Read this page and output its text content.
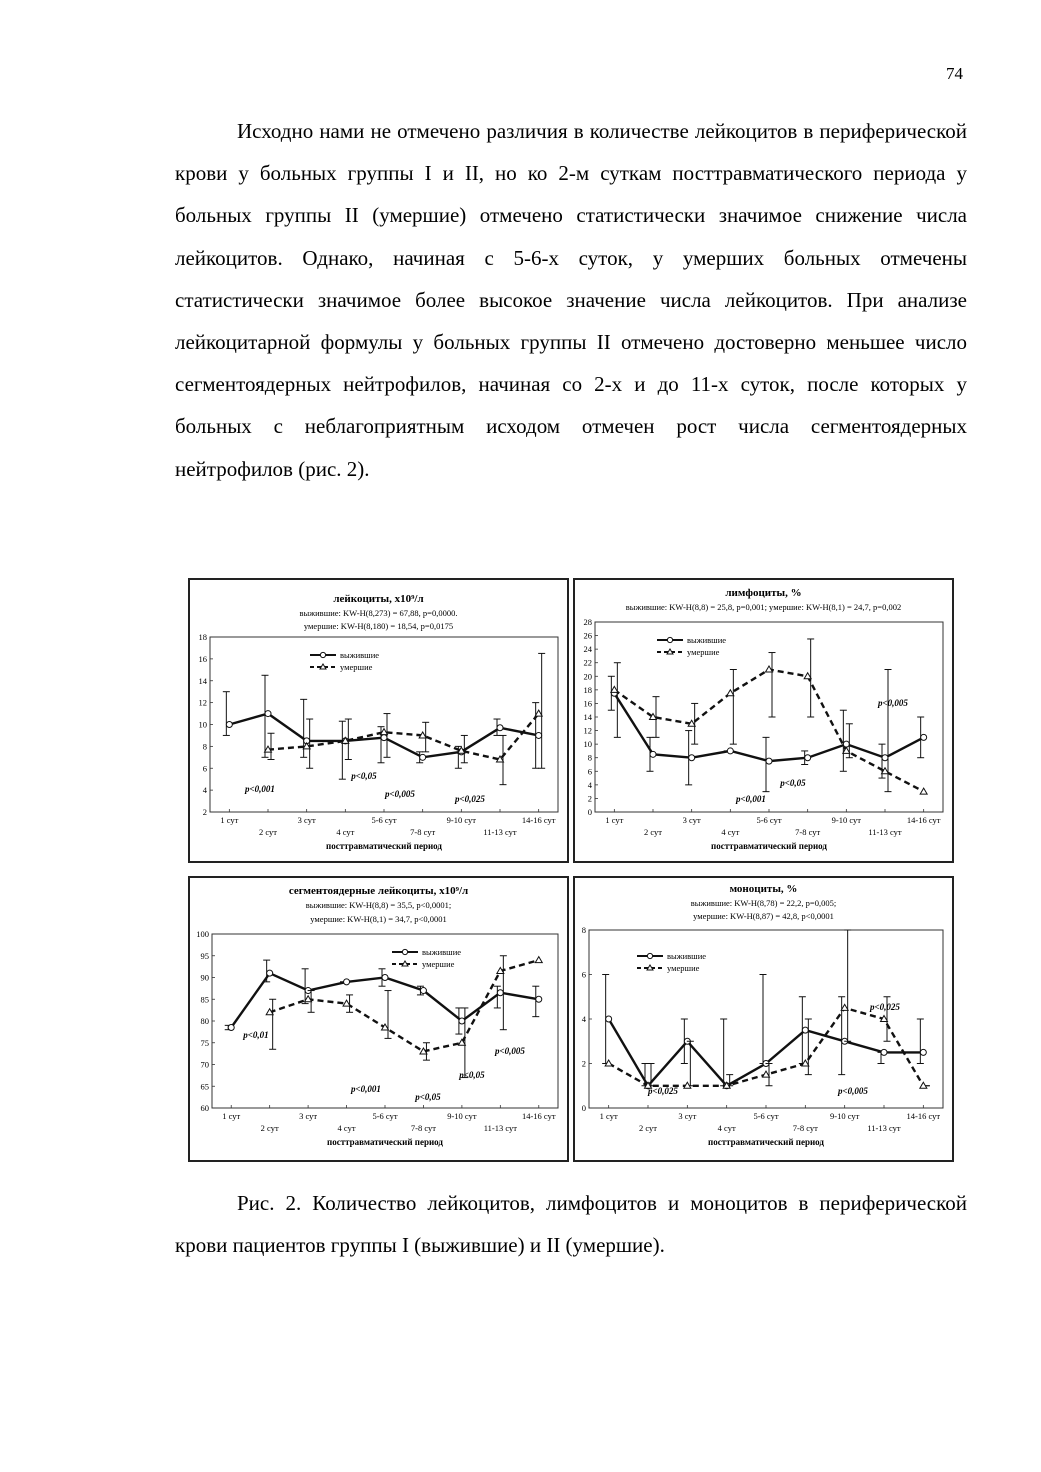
74

Исходно нами не отмечено различия в количестве лейкоцитов в периферической крови у больных группы I и II, но ко 2-м суткам посттравматического периода у больных группы II (умершие) отмечено статистически значимое снижение числа лейкоцитов. Однако, начиная с 5-6-х суток, у умерших больных отмечены статистически значимое более высокое значение числа лейкоцитов. При анализе лейкоцитарной формулы у больных группы II отмечено достоверно меньшее число сегментоядерных нейтрофилов, начиная со 2-х и до 11-х суток, после которых у больных с неблагоприятным исходом отмечен рост числа сегментоядерных нейтрофилов (рис. 2).

лейкоциты, x10⁹/л
выжившие: KW-H(8,273) = 67,88, p=0,0000.
умершие: KW-H(8,180) = 18,54, p=0,0175
2
4
6
8
10
12
14
16
18
1 сут
2 сут
3 сут
4 сут
5-6 сут
7-8 сут
9-10 сут
11-13 сут
14-16 сут
посттравматический период
выжившие
умершие
p<0,001
p<0,05
p<0,005	p<0,025
лимфоциты, %
выжившие: KW-H(8,8) = 25,8, p=0,001; умершие: KW-H(8,1) = 24,7, p=0,002
0
2
4
6
8
10
12
14
16
18
20
22
24
26
28
1 сут
2 сут
3 сут
4 сут
5-6 сут
7-8 сут
9-10 сут
11-13 сут
14-16 сут
посттравматический период
выжившие
умершие
p<0,005
p<0,05
p<0,001
сегментоядерные лейкоциты, x10⁹/л
выжившие: KW-H(8,8) = 35,5, p<0,0001;
умершие: KW-H(8,1) = 34,7, p<0,0001
60
65
70
75
80
85
90
95
100
1 сут
2 сут
3 сут
4 сут
5-6 сут
7-8 сут
9-10 сут
11-13 сут
14-16 сут
посттравматический период
выжившие
умершие
p<0,01
p<0,005
p<0,05
p<0,001
p<0,05
моноциты, %
выжившие: KW-H(8,78) = 22,2, p=0,005;
умершие: KW-H(8,87) = 42,8, p<0,0001
0
2
4
6
8
1 сут
2 сут
3 сут
4 сут
5-6 сут
7-8 сут
9-10 сут
11-13 сут
14-16 сут
посттравматический период
выжившие
умершие
p<0,025
p<0,025
p<0,005

Рис. 2. Количество лейкоцитов, лимфоцитов и моноцитов в периферической крови пациентов группы I (выжившие) и II (умершие).
